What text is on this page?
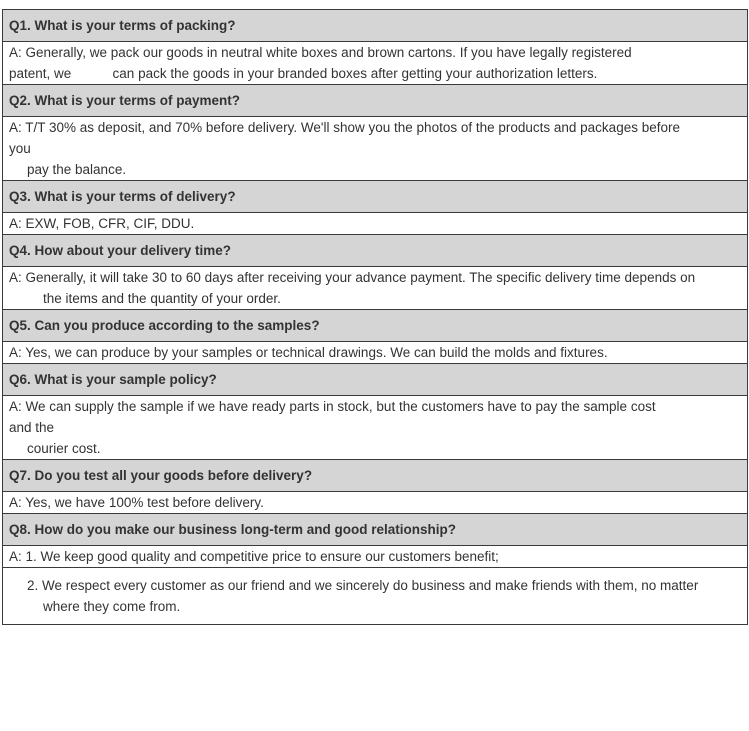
Q1. What is your terms of packing?

A: Generally, we pack our goods in neutral white boxes and brown cartons. If you have legally registered
patent, we           can pack the goods in your branded boxes after getting your authorization letters.

Q2. What is your terms of payment?

A: T/T 30% as deposit, and 70% before delivery. We'll show you the photos of the products and packages before
you
pay the balance.

Q3. What is your terms of delivery?

A: EXW, FOB, CFR, CIF, DDU.

Q4. How about your delivery time?

A: Generally, it will take 30 to 60 days after receiving your advance payment. The specific delivery time depends on
the items and the quantity of your order.

Q5. Can you produce according to the samples?

A: Yes, we can produce by your samples or technical drawings. We can build the molds and fixtures.

Q6. What is your sample policy?

A: We can supply the sample if we have ready parts in stock, but the customers have to pay the sample cost
and the
courier cost.

Q7. Do you test all your goods before delivery?

A: Yes, we have 100% test before delivery.

Q8. How do you make our business long-term and good relationship?

A: 1. We keep good quality and competitive price to ensure our customers benefit;

2. We respect every customer as our friend and we sincerely do business and make friends with them, no matter
where they come from.
